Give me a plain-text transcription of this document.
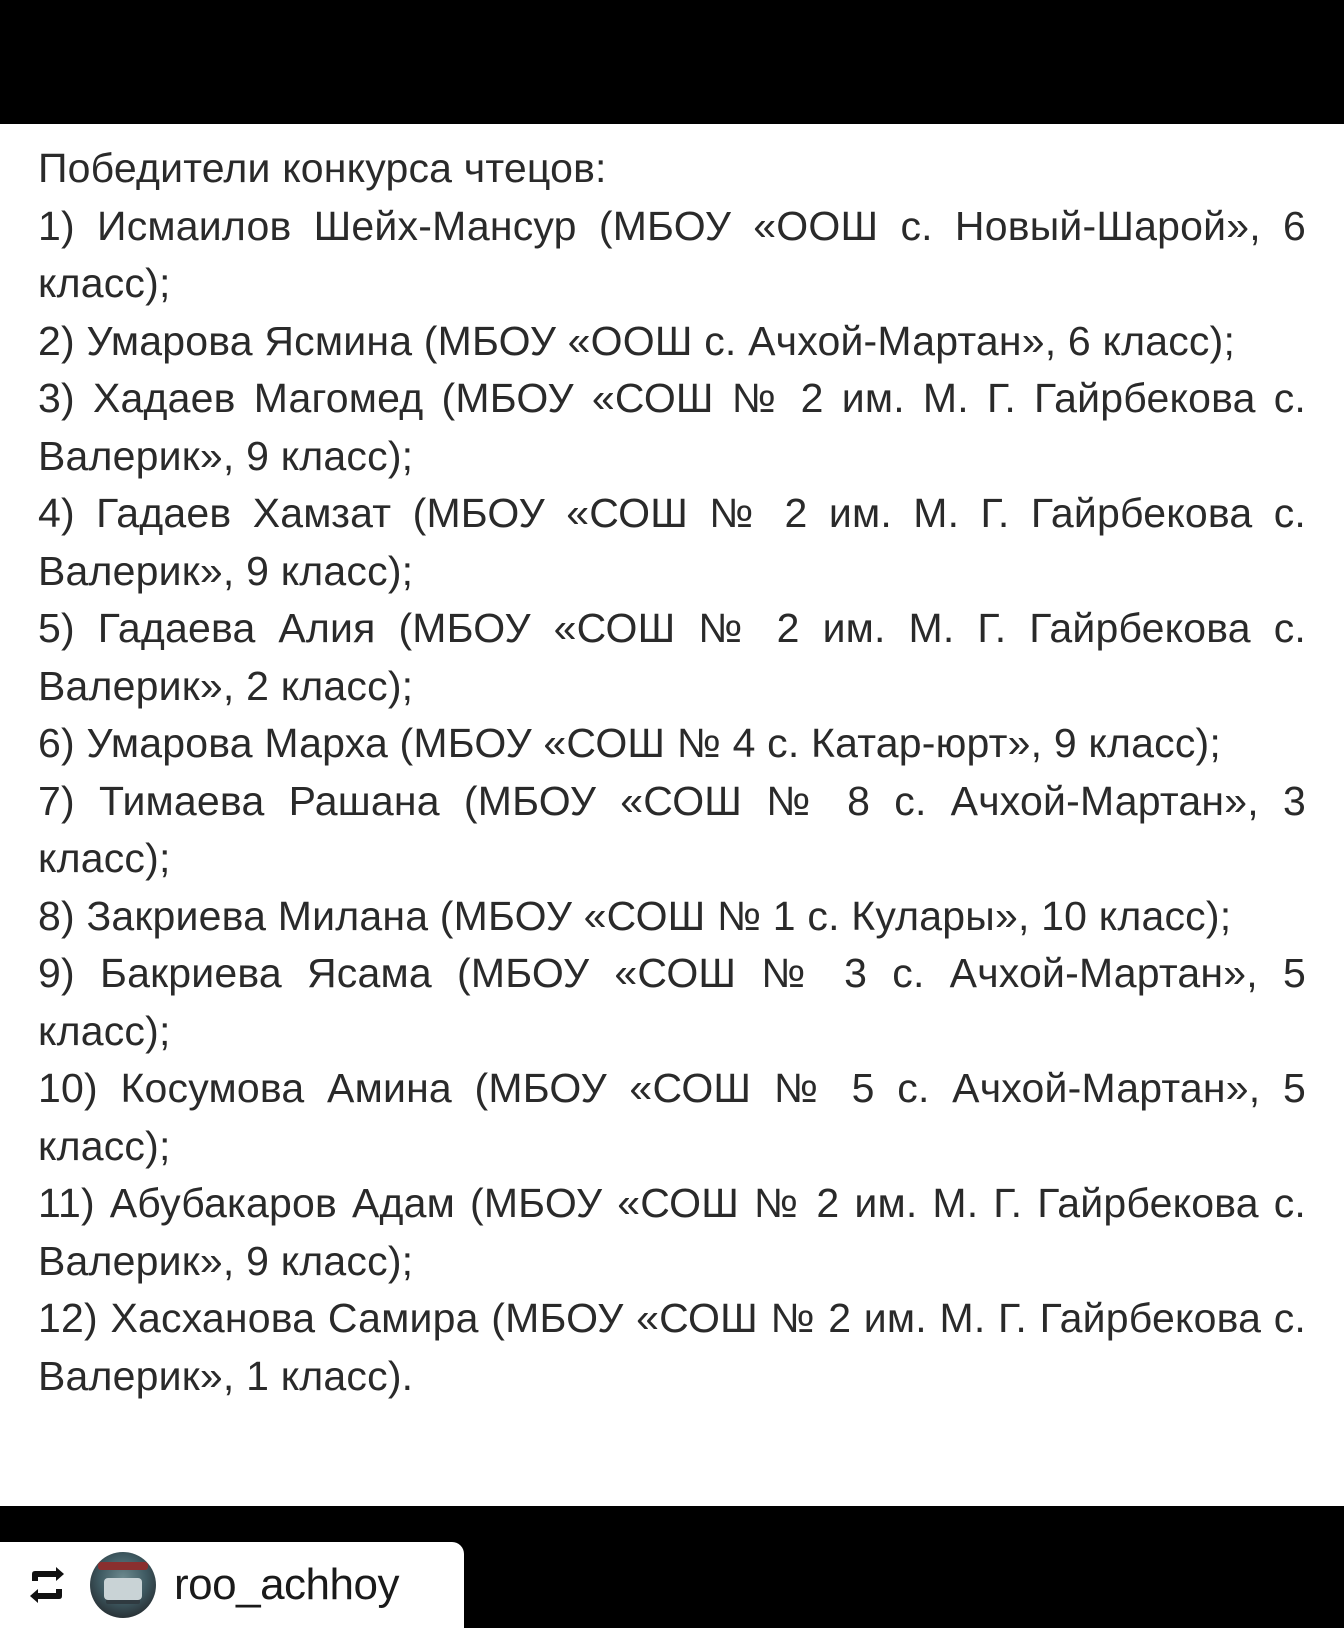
Победители конкурса чтецов:

1) Исмаилов Шейх-Мансур (МБОУ «ООШ с. Новый-Шарой», 6 класс);

2) Умарова Ясмина (МБОУ «ООШ с. Ачхой-Мартан», 6 класс);

3) Хадаев Магомед (МБОУ «СОШ № 2 им. М. Г. Гайрбекова с. Валерик», 9 класс);

4) Гадаев Хамзат (МБОУ «СОШ № 2 им. М. Г. Гайрбекова с. Валерик», 9 класс);

5) Гадаева Алия (МБОУ «СОШ № 2 им. М. Г. Гайрбекова с. Валерик», 2 класс);

6) Умарова Марха (МБОУ «СОШ № 4 с. Катар-юрт», 9 класс);

7) Тимаева Рашана (МБОУ «СОШ № 8 с. Ачхой-Мартан», 3 класс);

8) Закриева Милана (МБОУ «СОШ № 1 с. Кулары», 10 класс);

9) Бакриева Ясама (МБОУ «СОШ № 3 с. Ачхой-Мартан», 5 класс);

10) Косумова Амина (МБОУ «СОШ № 5 с. Ачхой-Мартан», 5 класс);

11) Абубакаров Адам (МБОУ «СОШ № 2 им. М. Г. Гайрбекова с. Валерик», 9 класс);

12) Хасханова Самира (МБОУ «СОШ № 2 им. М. Г. Гайрбекова с. Валерик», 1 класс).

roo_achhoy
